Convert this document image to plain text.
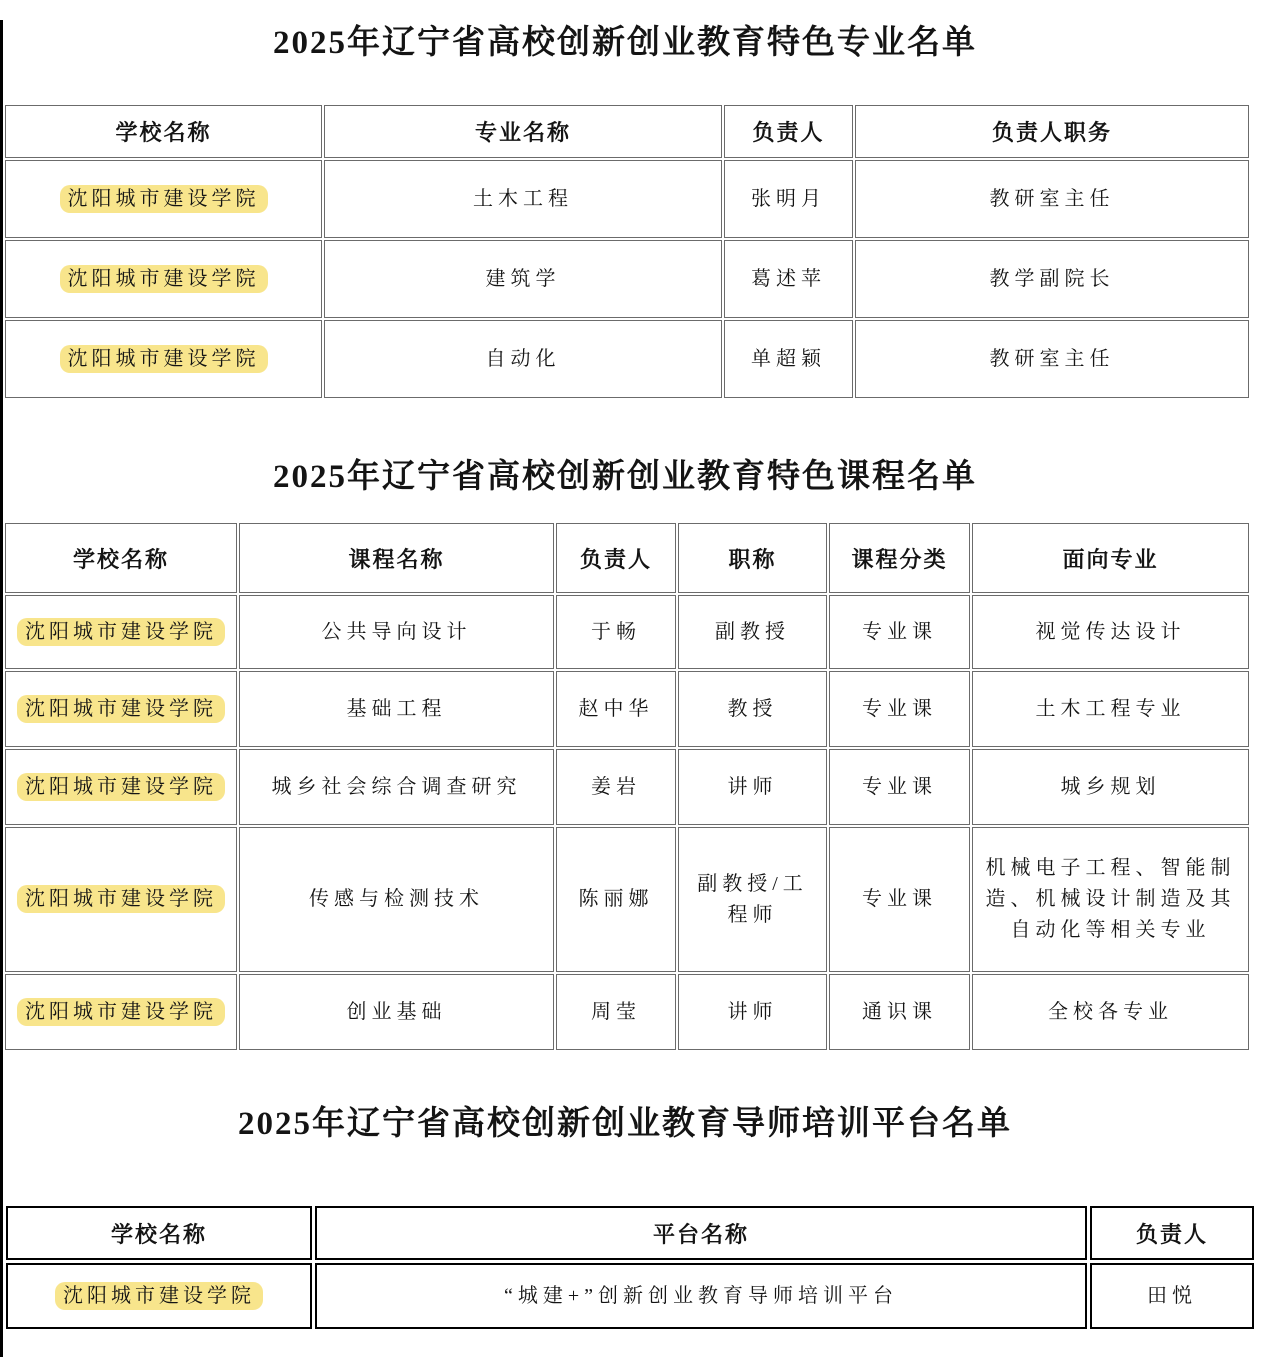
2025年辽宁省高校创新创业教育特色专业名单
学校名称	专业名称	负责人	负责人职务
沈阳城市建设学院	土木工程	张明月	教研室主任
沈阳城市建设学院	建筑学	葛述苹	教学副院长
沈阳城市建设学院	自动化	单超颖	教研室主任
2025年辽宁省高校创新创业教育特色课程名单
学校名称	课程名称	负责人	职称	课程分类	面向专业
沈阳城市建设学院	公共导向设计	于畅	副教授	专业课	视觉传达设计
沈阳城市建设学院	基础工程	赵中华	教授	专业课	土木工程专业
沈阳城市建设学院	城乡社会综合调查研究	姜岩	讲师	专业课	城乡规划
沈阳城市建设学院	传感与检测技术	陈丽娜	副教授/工程师	专业课	机械电子工程、智能制造、机械设计制造及其自动化等相关专业
沈阳城市建设学院	创业基础	周莹	讲师	通识课	全校各专业
2025年辽宁省高校创新创业教育导师培训平台名单
学校名称	平台名称	负责人
沈阳城市建设学院	“城建+”创新创业教育导师培训平台	田悦
